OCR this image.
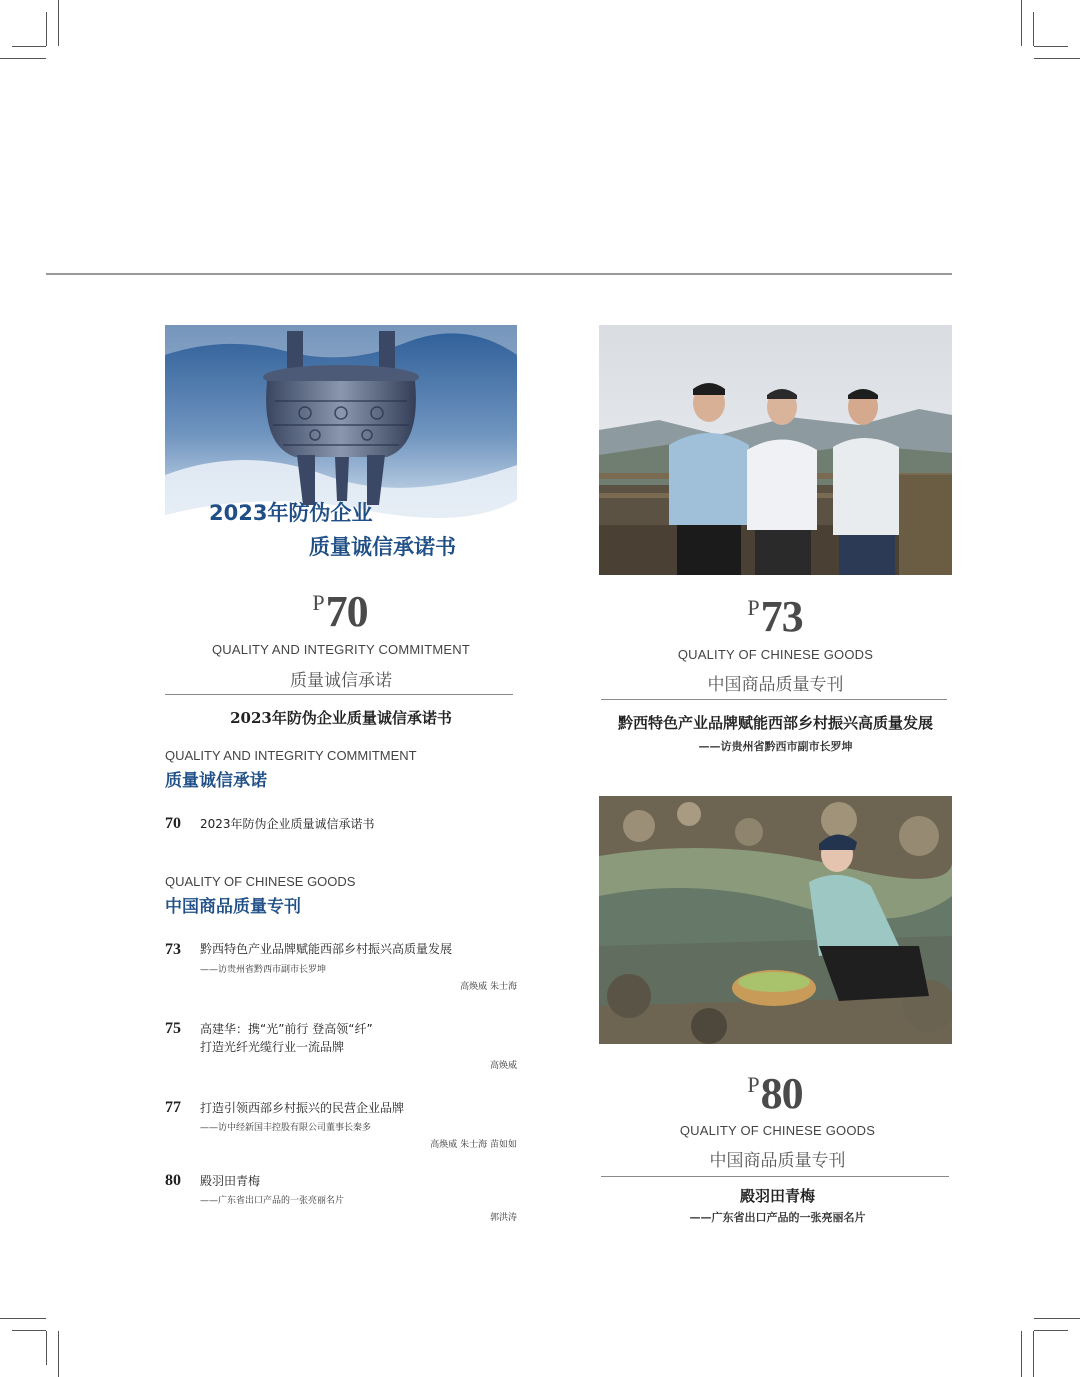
2023年防伪企业
质量诚信承诺书
P70
QUALITY AND INTEGRITY COMMITMENT
质量诚信承诺
2023年防伪企业质量诚信承诺书
QUALITY AND INTEGRITY COMMITMENT
质量诚信承诺
70 2023年防伪企业质量诚信承诺书
QUALITY OF CHINESE GOODS
中国商品质量专刊
73 黔西特色产业品牌赋能西部乡村振兴高质量发展
——访贵州省黔西市副市长罗坤
高焕威 朱士海
75 高建华：携“光”前行 登高领“纤”
打造光纤光缆行业一流品牌
高焕威
77 打造引领西部乡村振兴的民营企业品牌
——访中经新国丰控股有限公司董事长秦多
高焕威 朱士海 苗如如
80 殿羽田青梅
——广东省出口产品的一张亮丽名片
郭洪涛
P73
QUALITY OF CHINESE GOODS
中国商品质量专刊
黔西特色产业品牌赋能西部乡村振兴高质量发展
——访贵州省黔西市副市长罗坤
P80
QUALITY OF CHINESE GOODS
中国商品质量专刊
殿羽田青梅
——广东省出口产品的一张亮丽名片
